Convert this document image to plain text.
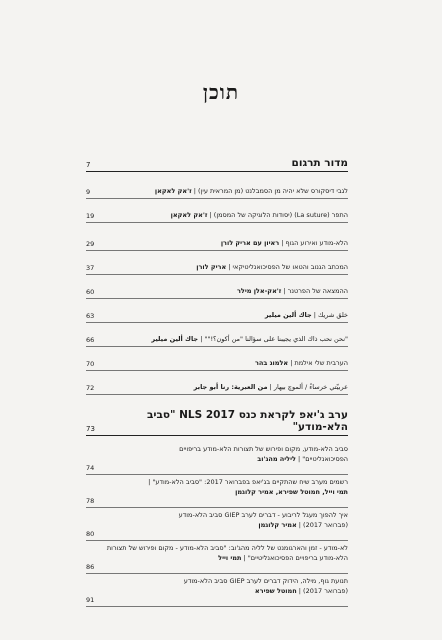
תוכן
מדור תרגום
7
לגבי דיסקורס שלא יהיה מן הסמבלנט (מן המראית עין) | ז'אק לאקאן
9
התפר (La suture) (יסודות הלוגיקה של המסמן) | ז'אק לאקאן
19
הלא-מודע ואירוע הגוף | ראיון עם אריק לורן
29
המכתב הגנוב והטאו של הפסיכואנליטיקאי | אריק לורן
37
ההמצאה של הפרטנר | ז'אק-אלן מילר
60
خلق شريك | جاك ألين ميلير
63
"نحن نحب ذاك الذي يجيبنا على سؤالنا "من أكون؟!"" | جاك ألين ميلير
66
הערבית שלי אילמת | אלמוג בהר
70
عربيّتي خرساءُ / ألموچ بيهار | من العبرية: رنا أبو جابر
72
ערב ג'יאפ לקראת כנס NLS 2017 "סביב הלא-מודע"
73
סביב הלא-מודע, מקום ופירוש של תצורות הלא-מודע בריפויים
הפסיכואנליטיים" | ליליה מהג'וב
74
רשמים מערב שיח שהתקיים בג'יאפ בפברואר 2017: "סביב הלא-מודע" |
תמי וייל, חמוטל שפירא, אמיר קלוגמן
78
איך להפוך מעגל לריבוע - דברים לערב GIEP סביב הלא-מודע
(פברואר 2017) | אמיר קלוגמן
80
לא-מודע - זמן והארגומנט של לליה מהג'וב: "סביב הלא-מודע - מקום ופירוש של תצורות
הלא-מודע בריפויים הפסיכואנליטיים" | תמי וייל
86
תנועת גוף, מילה, הידוק דברים לערב GIEP סביב הלא-מודע
(פברואר 2017) | חמוטל שפירא
91
